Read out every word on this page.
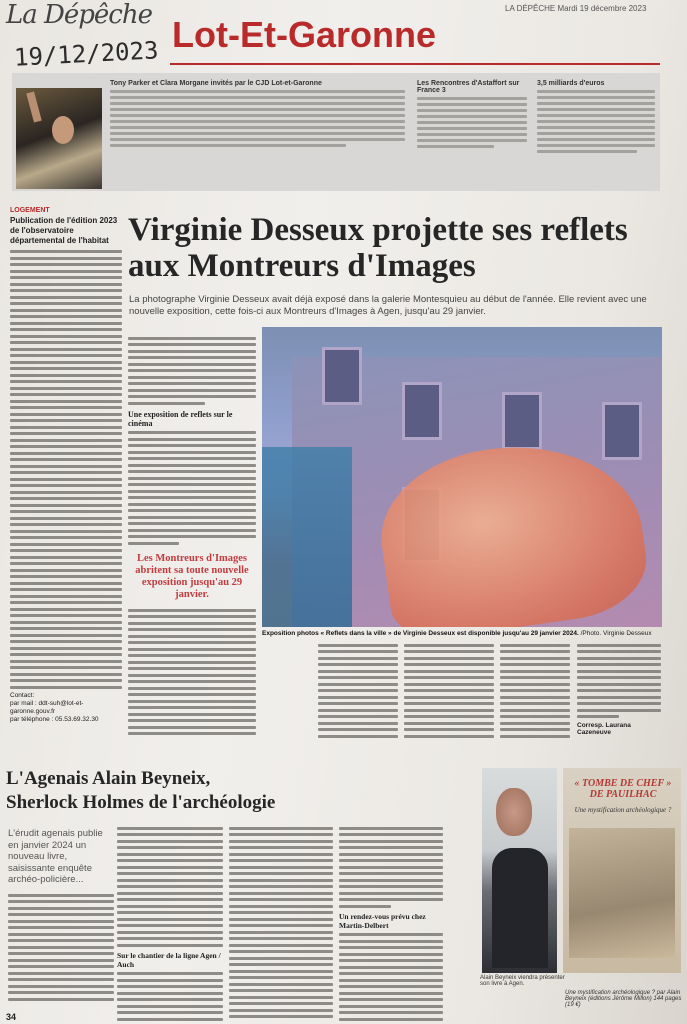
La Dépêche
19/12/2023 Lot-Et-Garonne
LA DÉPÊCHE Mardi 19 décembre 2023
Tony Parker et Clara Morgane invités par le CJD Lot-et-Garonne	Les Rencontres d'Astaffort sur France 3
3,5 milliards d'euros
LOGEMENT
Publication de l'édition 2023 de l'observatoire départemental de l'habitat
Contact:
par mail : ddt-suh@lot-et-garonne.gouv.fr
par téléphone : 05.53.69.32.30
Virginie Desseux projette ses reflets aux Montreurs d'Images
La photographe Virginie Desseux avait déjà exposé dans la galerie Montesquieu au début de l'année. Elle revient avec une nouvelle exposition, cette fois-ci aux Montreurs d'Images à Agen, jusqu'au 29 janvier.
Une exposition de reflets sur le cinéma
Les Montreurs d'Images abritent sa toute nouvelle exposition jusqu'au 29 janvier.
Exposition photos « Reflets dans la ville » de Virginie Desseux est disponible jusqu'au 29 janvier 2024. /Photo. Virginie Desseux
Corresp. Laurana Cazeneuve
L'Agenais Alain Beyneix,
Sherlock Holmes de l'archéologie
L'érudit agenais publie en janvier 2024 un nouveau livre, saisissante enquête archéo-policière...
Sur le chantier de la ligne Agen / Auch
Un rendez-vous prévu chez Martin-Delbert
« TOMBE DE CHEF » DE PAUILHAC
Une mystification archéologique ?
Alain Beyneix viendra présenter son livre à Agen.
Une mystification archéologique ? par Alain Beyneix (éditions Jérôme Millon) 144 pages (19 €)
34
